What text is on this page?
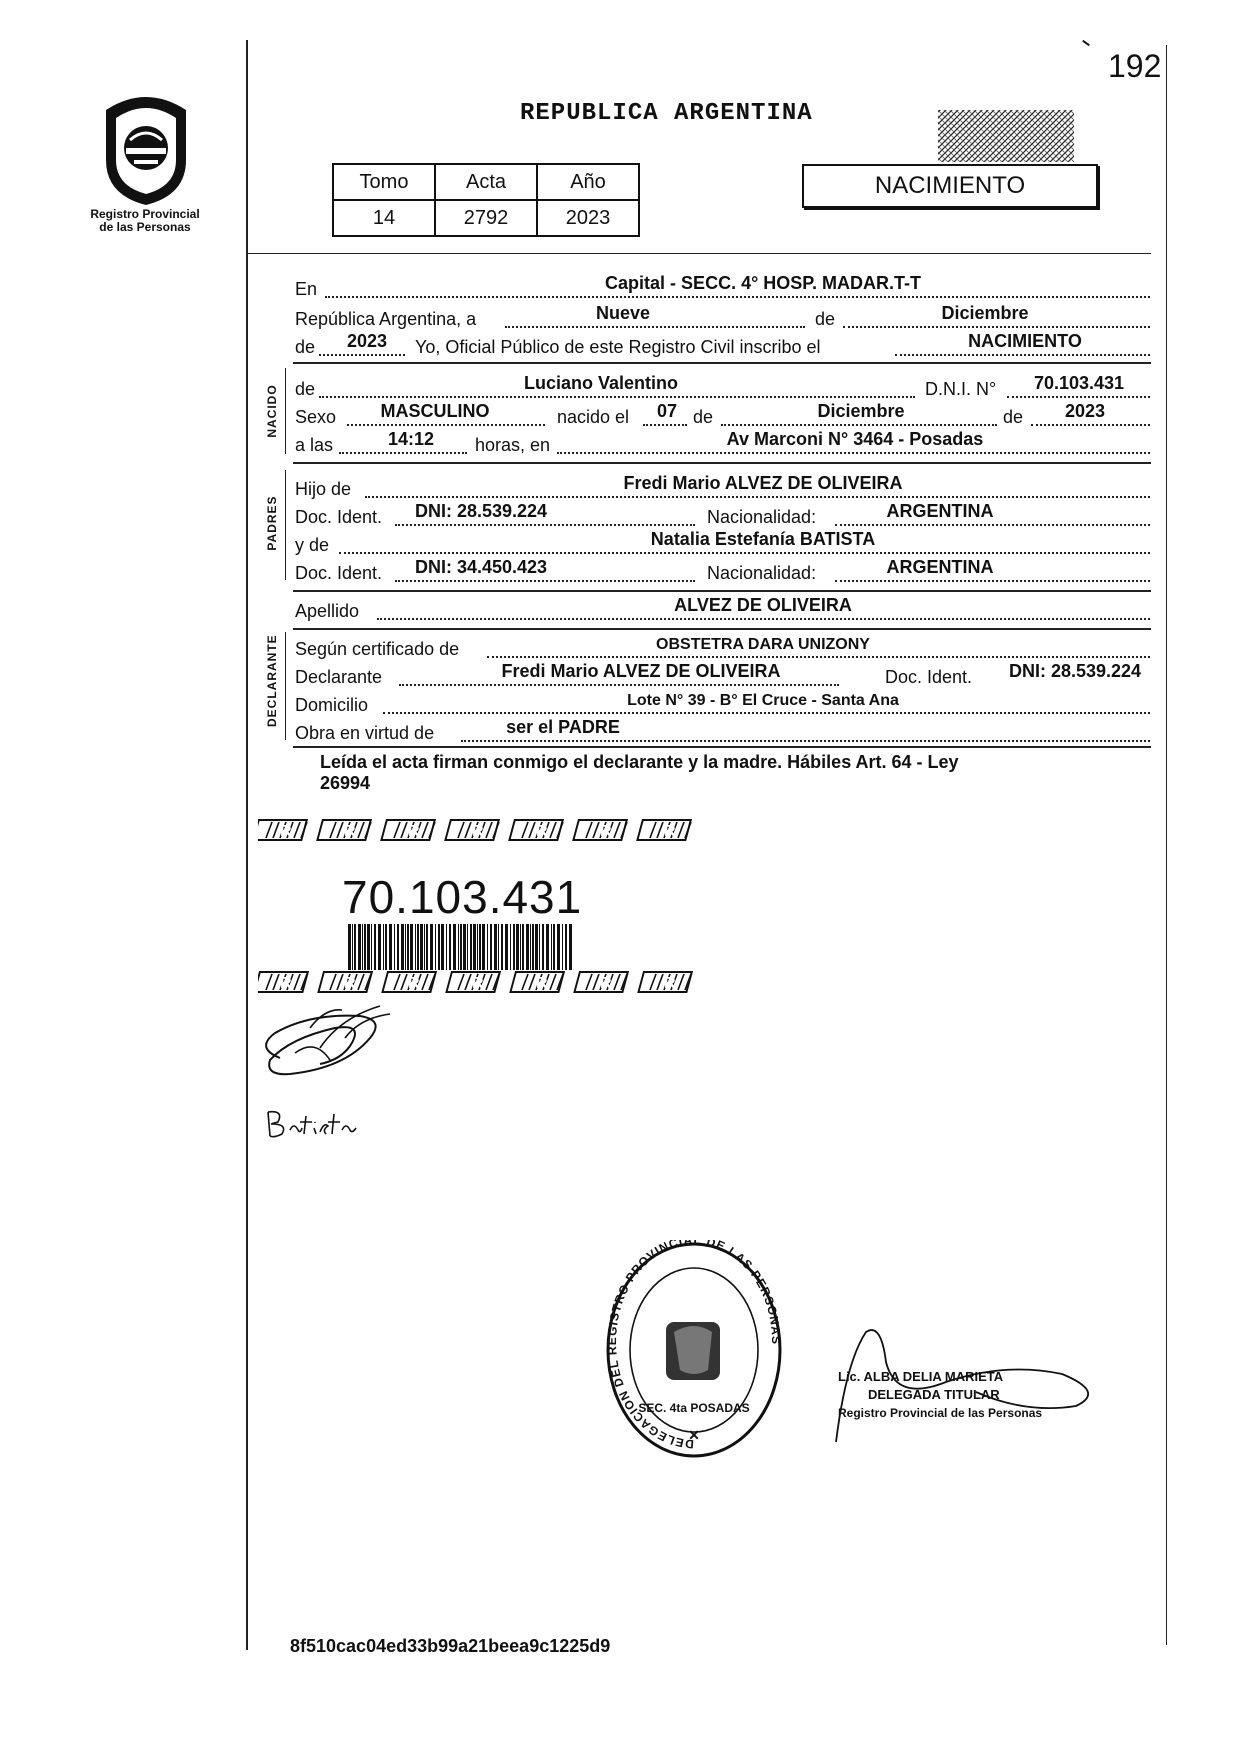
Registro Provincial
de las Personas
192
REPUBLICA ARGENTINA
Tomo	Acta	Año
14	2792	2023
NACIMIENTO
En	Capital - SECC. 4° HOSP. MADAR.T-T
República Argentina, a	Nueve	de	Diciembre
de 2023 Yo, Oficial Público de este Registro Civil inscribo el	NACIMIENTO
NACIDO de	Luciano Valentino	D.N.I. N° 70.103.431
Sexo MASCULINO	nacido el 07 de	Diciembre	de 2023
a las	14:12 horas, en	Av Marconi N° 3464 - Posadas
PADRES
Hijo de	Fredi Mario ALVEZ DE OLIVEIRA
Doc. Ident. DNI: 28.539.224	Nacionalidad:	ARGENTINA
y de	Natalia Estefanía BATISTA
Doc. Ident. DNI: 34.450.423	Nacionalidad:	ARGENTINA
Apellido	ALVEZ DE OLIVEIRA
DECLARANTE Según certificado de	OBSTETRA DARA UNIZONY
Declarante	Fredi Mario ALVEZ DE OLIVEIRA	Doc. Ident. DNI: 28.539.224
Domicilio	Lote N° 39 - B° El Cruce - Santa Ana
Obra en virtud de	ser el PADRE
Leída el acta firman conmigo el declarante y la madre. Hábiles Art. 64 - Ley
26994
R	R	R	R	R	R	R
70.103.431
R	R	R	R	R	R	R
DELEGACION DEL REGISTRO PROVINCIAL DE LAS PERSONAS
SEC. 4ta POSADAS
✕
Lic. ALBA DELIA MARIETA
DELEGADA TITULAR
Registro Provincial de las Personas
8f510cac04ed33b99a21beea9c1225d9
